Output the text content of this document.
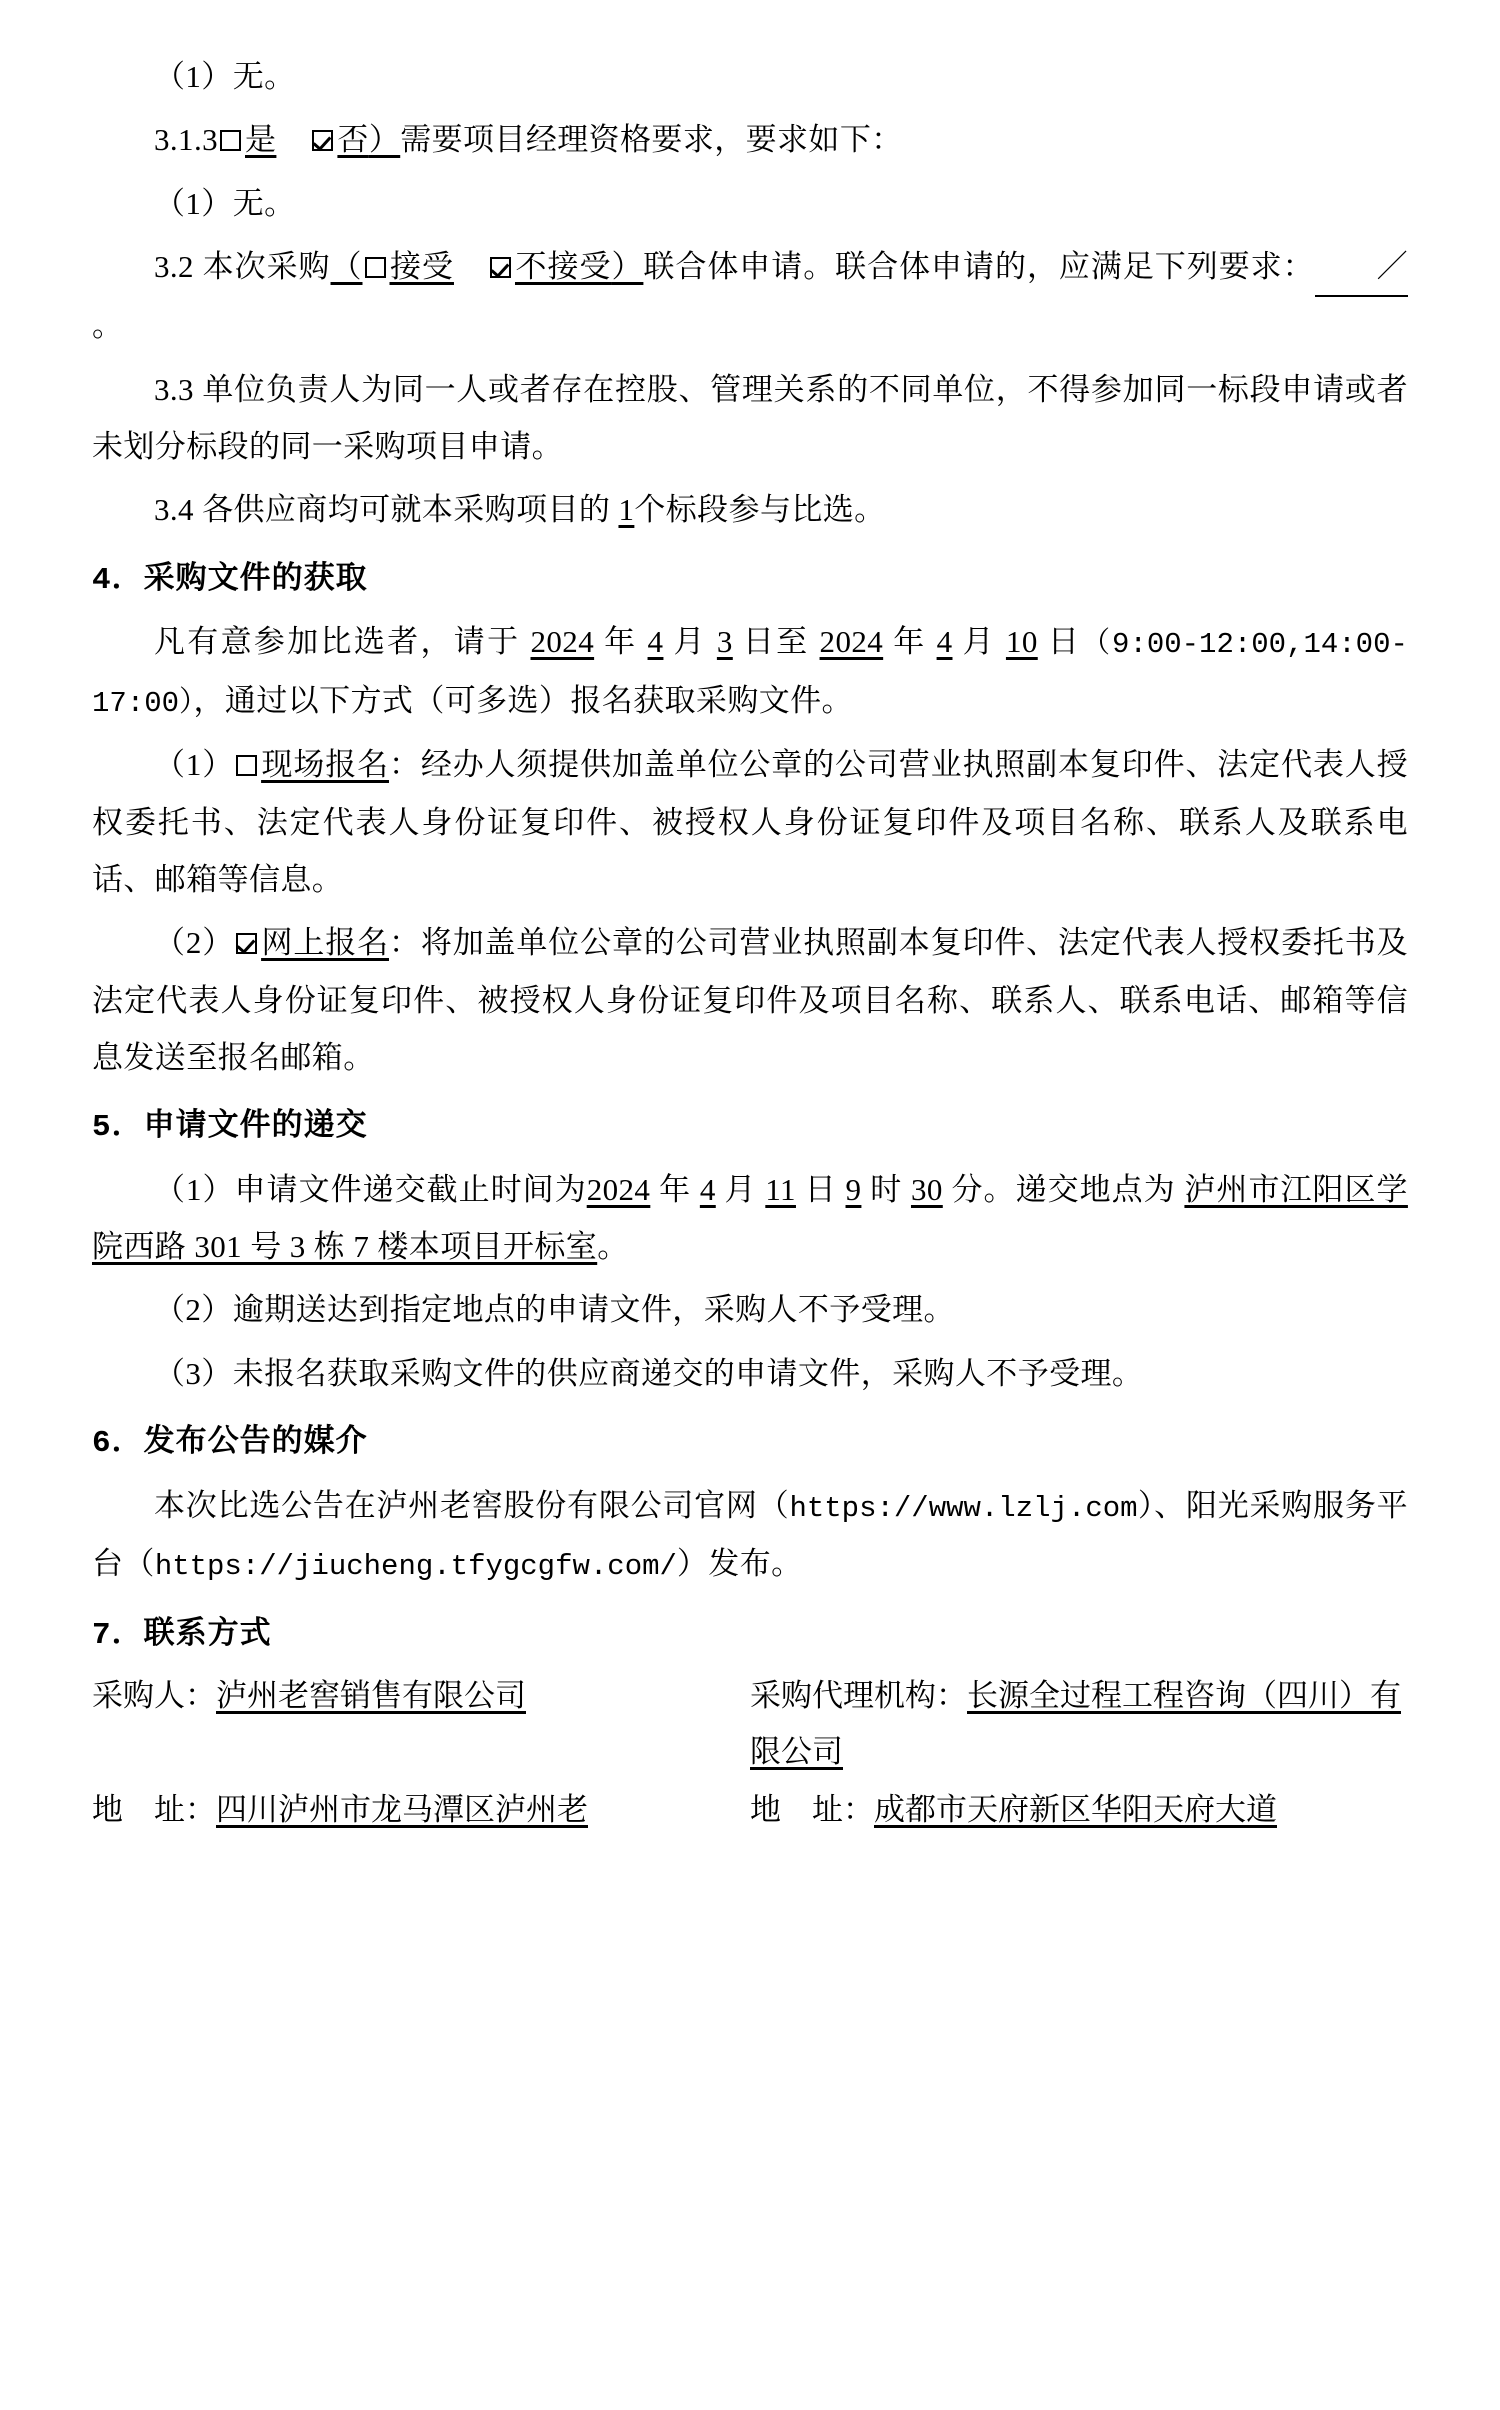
（1）无。

3.1.3 是 否）需要项目经理资格要求，要求如下：

（1）无。

3.2 本次采购（ 接受 不接受）联合体申请。联合体申请的，应满足下列要求： ／。

3.3 单位负责人为同一人或者存在控股、管理关系的不同单位，不得参加同一标段申请或者未划分标段的同一采购项目申请。

3.4 各供应商均可就本采购项目的 1个标段参与比选。

4．采购文件的获取

凡有意参加比选者，请于 2024 年 4 月 3 日至 2024 年 4 月 10 日（9:00-12:00,14:00-17:00），通过以下方式（可多选）报名获取采购文件。

（1） 现场报名：经办人须提供加盖单位公章的公司营业执照副本复印件、法定代表人授权委托书、法定代表人身份证复印件、被授权人身份证复印件及项目名称、联系人及联系电话、邮箱等信息。

（2） 网上报名：将加盖单位公章的公司营业执照副本复印件、法定代表人授权委托书及法定代表人身份证复印件、被授权人身份证复印件及项目名称、联系人、联系电话、邮箱等信息发送至报名邮箱。

5．申请文件的递交

（1）申请文件递交截止时间为2024 年 4 月 11 日 9 时 30 分。递交地点为 泸州市江阳区学院西路 301 号 3 栋 7 楼本项目开标室。

（2）逾期送达到指定地点的申请文件，采购人不予受理。

（3）未报名获取采购文件的供应商递交的申请文件，采购人不予受理。

6．发布公告的媒介

本次比选公告在泸州老窖股份有限公司官网（https://www.lzlj.com）、阳光采购服务平台（https://jiucheng.tfygcgfw.com/）发布。

7．联系方式
采购人：泸州老窖销售有限公司	采购代理机构：长源全过程工程咨询（四川）有限公司
地　址：四川泸州市龙马潭区泸州老	地　址：成都市天府新区华阳天府大道
